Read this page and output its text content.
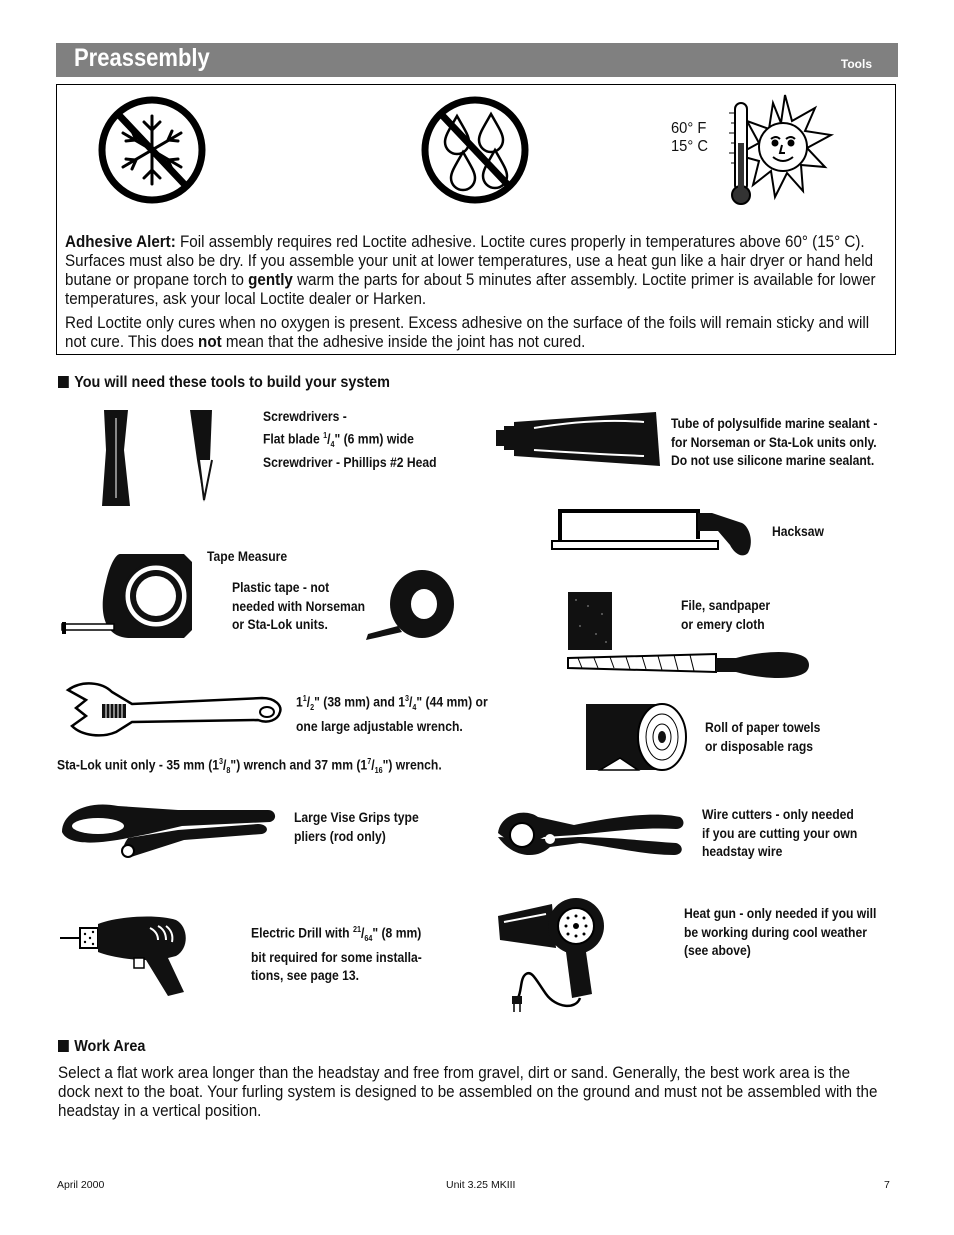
Preassembly	Tools
60° F
15° C
Adhesive Alert: Foil assembly requires red Loctite adhesive. Loctite cures properly in temperatures above 60° (15° C). Surfaces must also be dry. If you assemble your unit at lower temperatures, use a heat gun like a hair dryer or hand held butane or propane torch to gently warm the parts for about 5 minutes after assembly. Loctite primer is available for lower temperatures, ask your local Loctite dealer or Harken.
Red Loctite only cures when no oxygen is present. Excess adhesive on the surface of the foils will remain sticky and will not cure. This does not mean that the adhesive inside the joint has not cured.
You will need these tools to build your system
Screwdrivers -
Flat blade $^1/_4$" (6 mm) wide
Screwdriver - Phillips #2 Head
Tube of polysulfide marine sealant -
for Norseman or Sta-Lok units only.
Do not use silicone marine sealant.
Hacksaw
Tape Measure
Plastic tape - not
needed with Norseman
or Sta-Lok units.
File, sandpaper
or emery cloth
$1^1/_2$" (38 mm) and $1^3/_4$" (44 mm) or
one large adjustable wrench.
Sta-Lok unit only - 35 mm $(1^3/_8")$ wrench and 37 mm $(1^7/_{16}")$ wrench.
Roll of paper towels
or disposable rags
Large Vise Grips type
pliers (rod only)
Wire cutters - only needed
if you are cutting your own
headstay wire
Electric Drill with $^{21}/_{64}$" (8 mm)
bit required for some installa-
tions, see page 13.
Heat gun - only needed if you will
be working during cool weather
(see above)
Work Area
Select a flat work area longer than the headstay and free from gravel, dirt or sand. Generally, the best work area is the dock next to the boat. Your furling system is designed to be assembled on the ground and must not be assembled with the headstay in a vertical position.
April 2000	Unit 3.25 MKIII	7
